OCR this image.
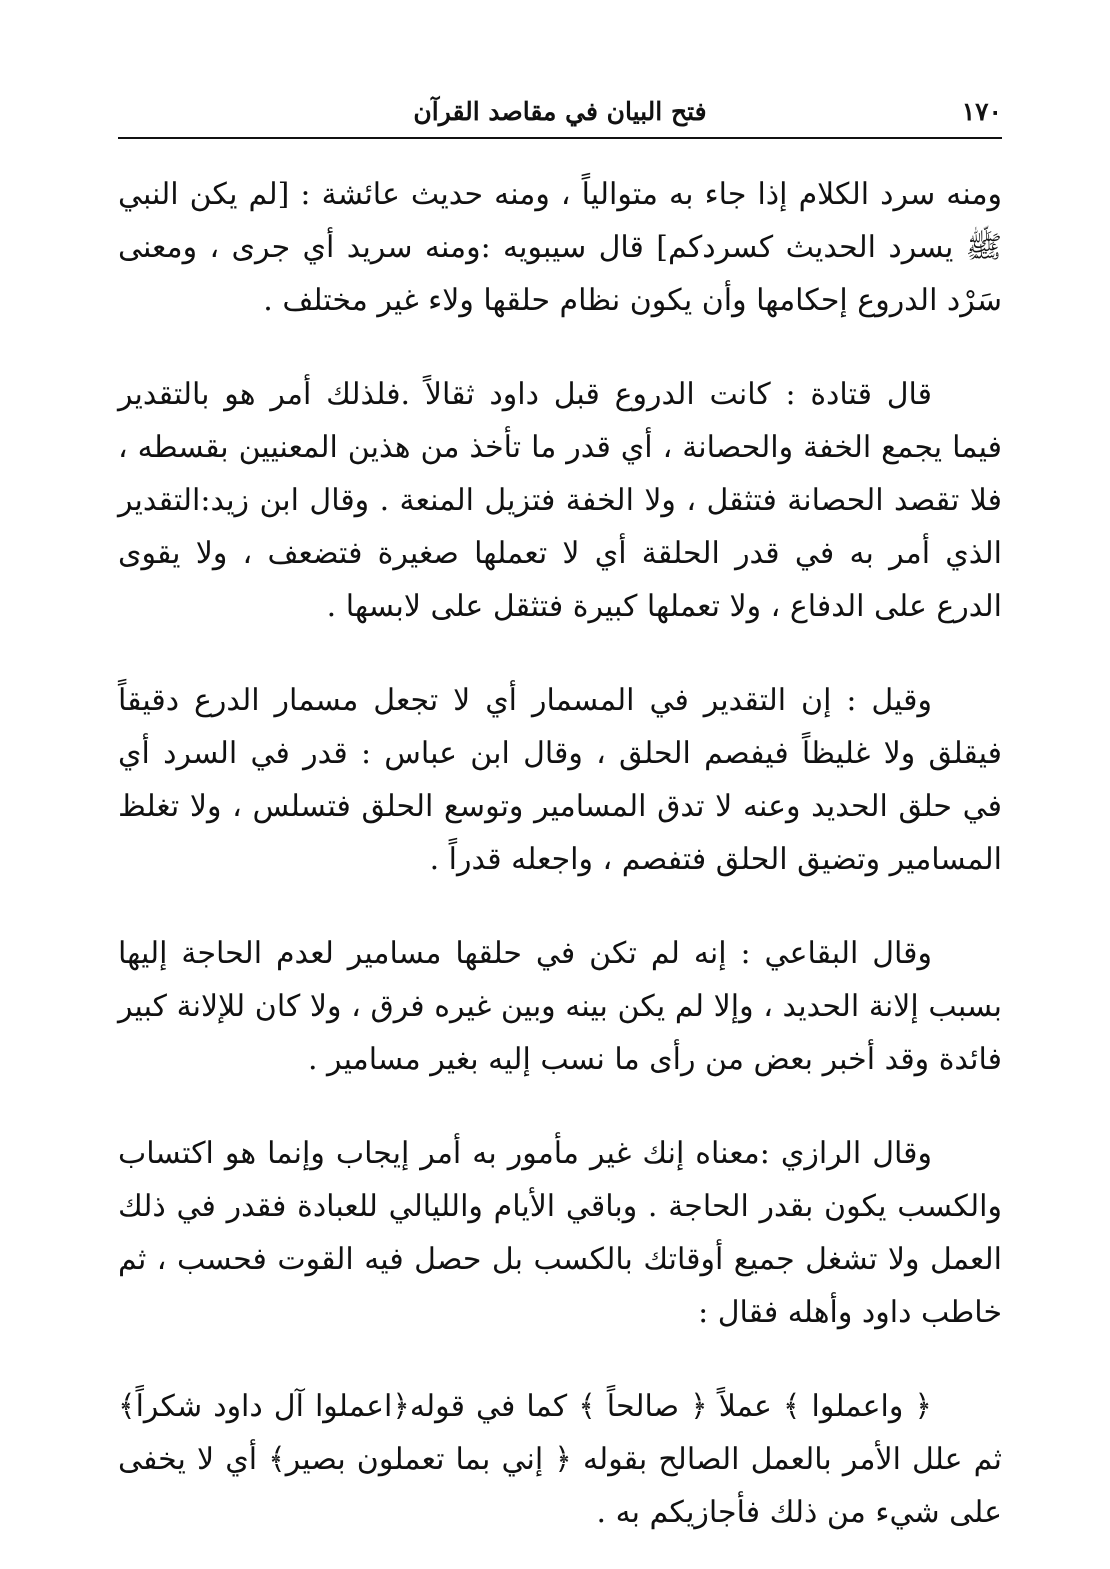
١٧٠
فتح البيان في مقاصد القرآن

ومنه سرد الكلام إذا جاء به متوالياً ، ومنه حديث عائشة : [لم يكن النبي ﷺ يسرد الحديث كسردكم] قال سيبويه :ومنه سريد أي جرى ، ومعنى سَرْد الدروع إحكامها وأن يكون نظام حلقها ولاء غير مختلف .

قال قتادة : كانت الدروع قبل داود ثقالاً .فلذلك أمر هو بالتقدير فيما يجمع الخفة والحصانة ، أي قدر ما تأخذ من هذين المعنيين بقسطه ، فلا تقصد الحصانة فتثقل ، ولا الخفة فتزيل المنعة . وقال ابن زيد:التقدير الذي أمر به في قدر الحلقة أي لا تعملها صغيرة فتضعف ، ولا يقوى الدرع على الدفاع ، ولا تعملها كبيرة فتثقل على لابسها .

وقيل : إن التقدير في المسمار أي لا تجعل مسمار الدرع دقيقاً فيقلق ولا غليظاً فيفصم الحلق ، وقال ابن عباس : قدر في السرد أي في حلق الحديد وعنه لا تدق المسامير وتوسع الحلق فتسلس ، ولا تغلظ المسامير وتضيق الحلق فتفصم ، واجعله قدراً .

وقال البقاعي : إنه لم تكن في حلقها مسامير لعدم الحاجة إليها بسبب إلانة الحديد ، وإلا لم يكن بينه وبين غيره فرق ، ولا كان للإلانة كبير فائدة وقد أخبر بعض من رأى ما نسب إليه بغير مسامير .

وقال الرازي :معناه إنك غير مأمور به أمر إيجاب وإنما هو اكتساب والكسب يكون بقدر الحاجة . وباقي الأيام والليالي للعبادة فقدر في ذلك العمل ولا تشغل جميع أوقاتك بالكسب بل حصل فيه القوت فحسب ، ثم خاطب داود وأهله فقال :

﴿ واعملوا ﴾ عملاً ﴿ صالحاً ﴾ كما في قوله﴿اعملوا آل داود شكراً﴾ ثم علل الأمر بالعمل الصالح بقوله ﴿ إني بما تعملون بصير﴾ أي لا يخفى على شيء من ذلك فأجازيكم به .
